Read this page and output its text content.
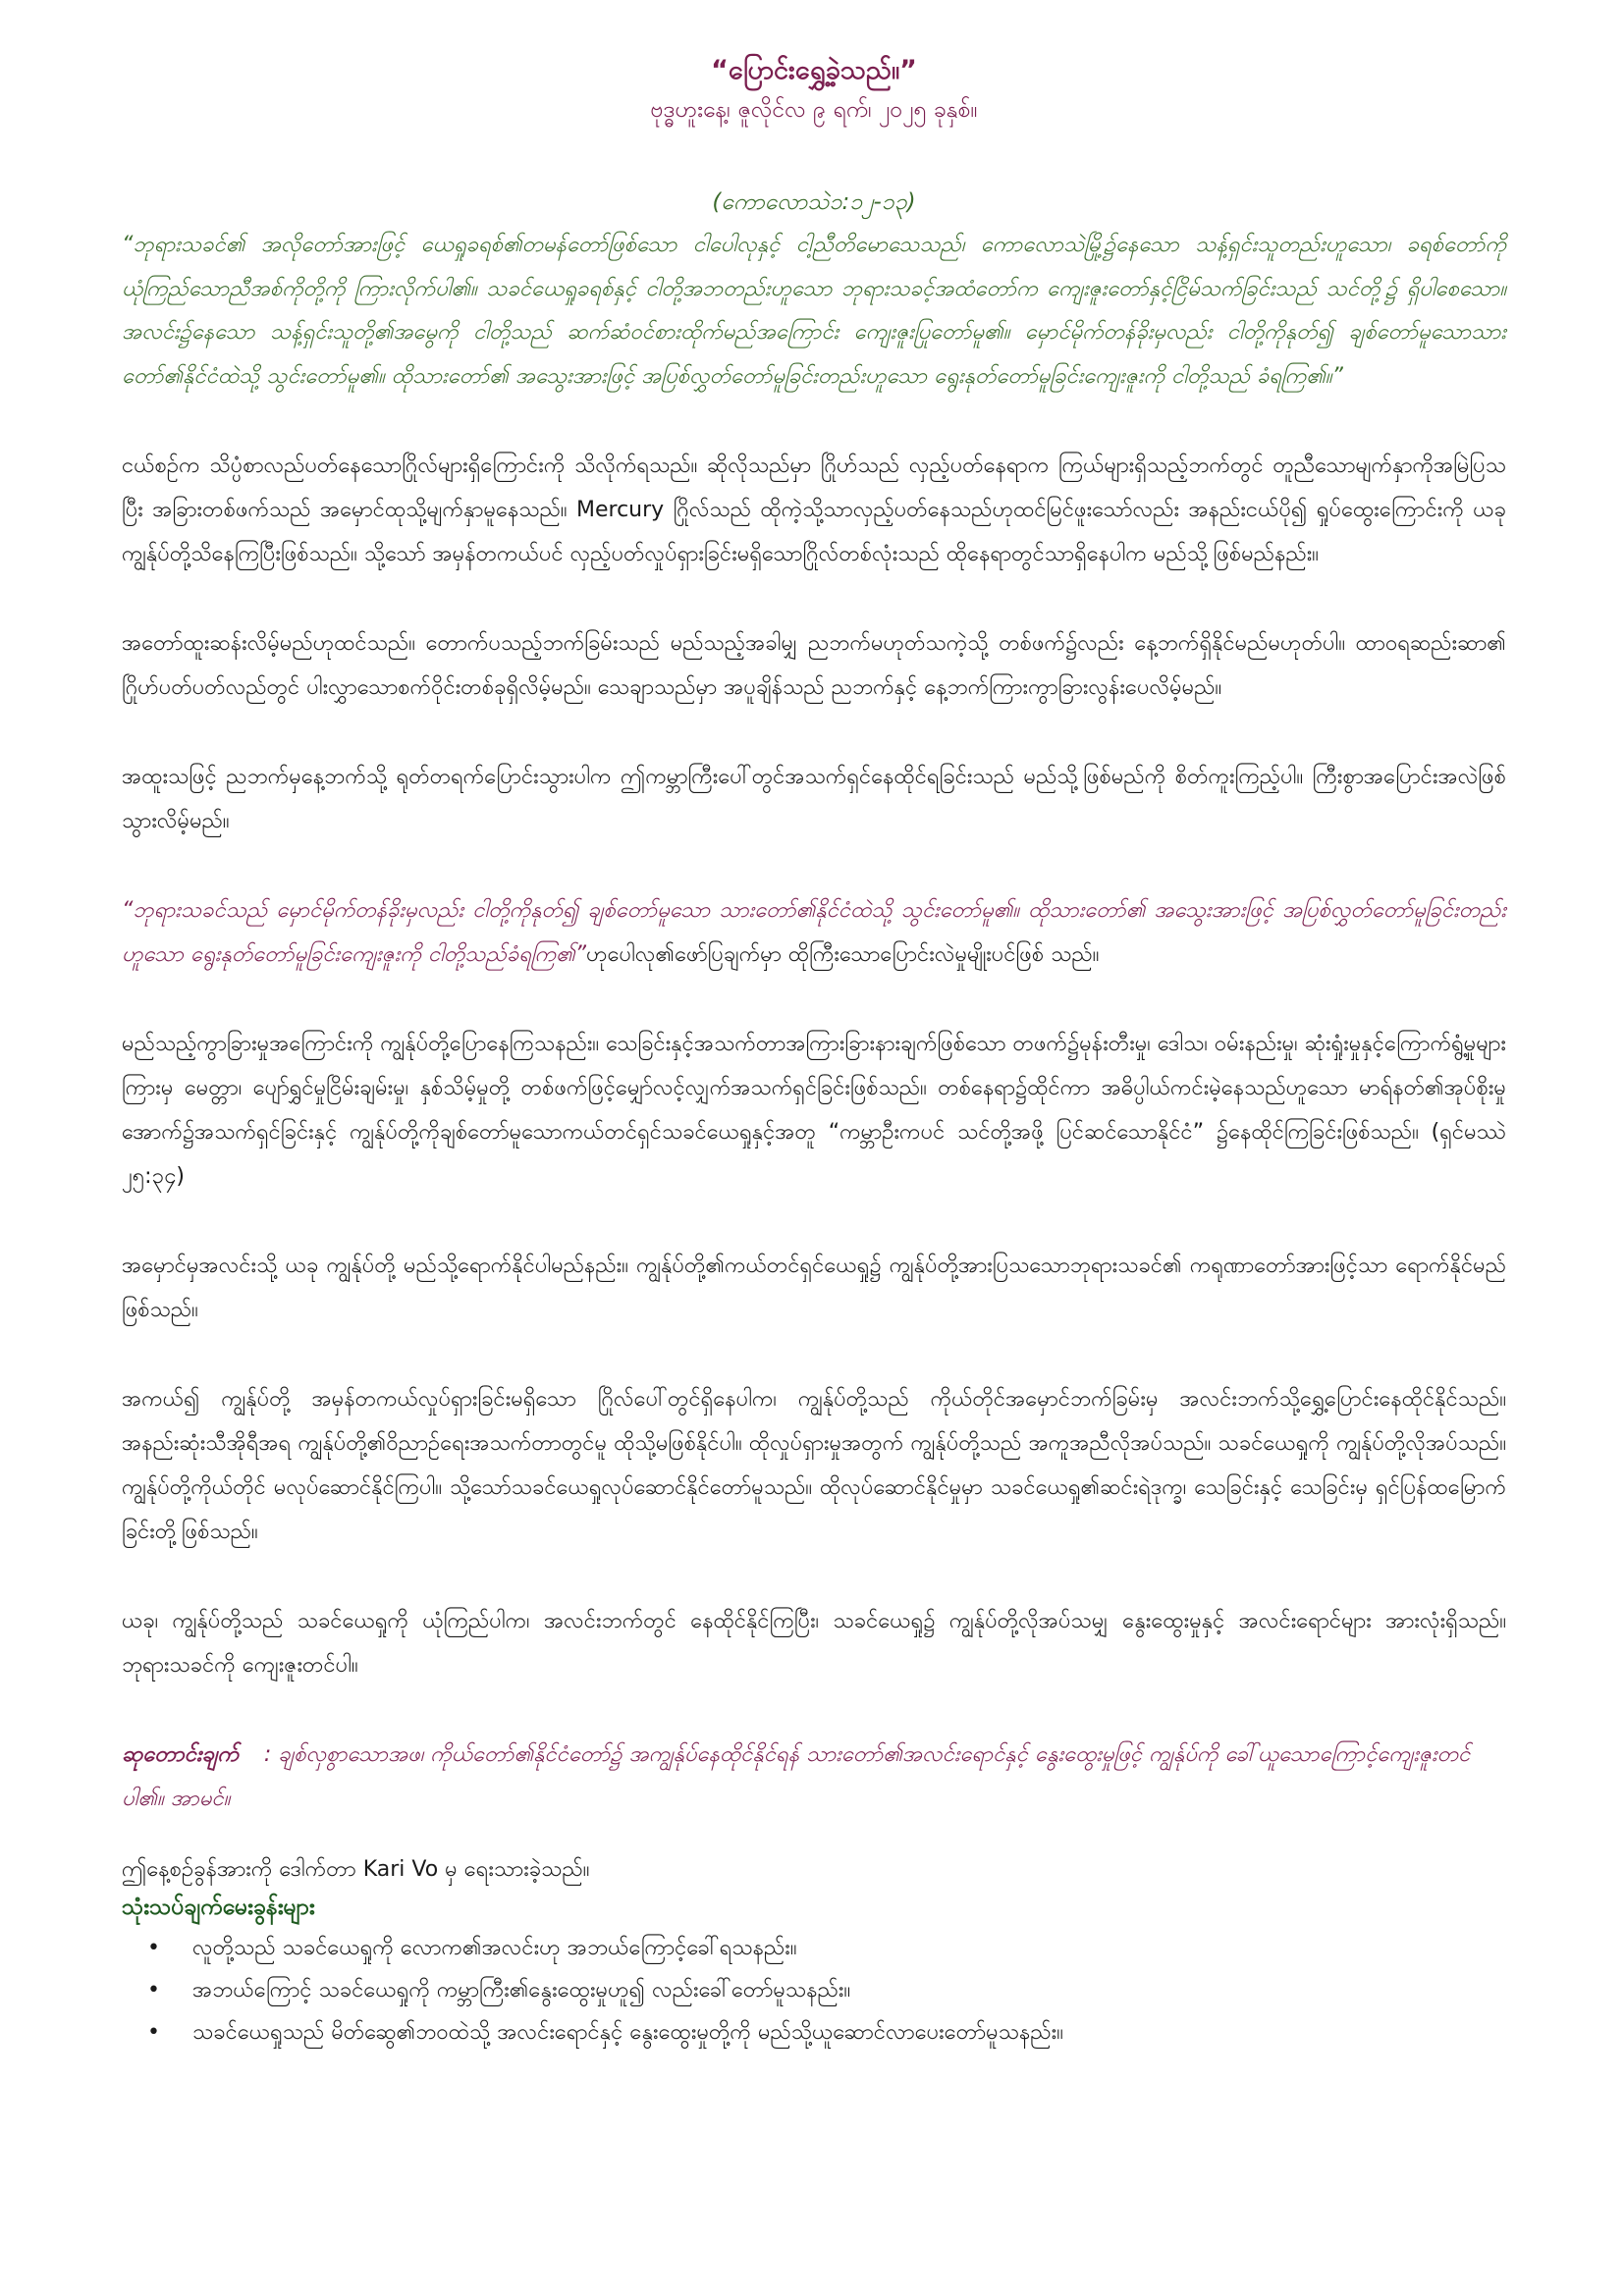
“ပြောင်းရွှေ့ခဲ့သည်။”
ဗုဒ္ဓဟူးနေ့၊ ဇူလိုင်လ ၉ ရက်၊ ၂၀၂၅ ခုနှစ်။
(ကောလောသဲ၁:၁၂-၁၃)
“ဘုရားသခင်၏ အလိုတော်အားဖြင့် ယေရှုခရစ်၏တမန်တော်ဖြစ်သော ငါပေါလုနှင့် ငါ့ညီတိမောသေသည်၊ ကောလောသဲမြို့၌နေသော သန့်ရှင်းသူတည်းဟူသော၊ ခရစ်တော်ကို ယုံကြည်သောညီအစ်ကိုတို့ကို ကြားလိုက်ပါ၏။ သခင်ယေရှုခရစ်နှင့် ငါတို့အဘတည်းဟူသော ဘုရားသခင့်အထံတော်က ကျေးဇူးတော်နှင့်ငြိမ်သက်ခြင်းသည် သင်တို့၌ ရှိပါစေသော။အလင်း၌နေသော သန့်ရှင်းသူတို့၏အမွေကို ငါတို့သည် ဆက်ဆံဝင်စားထိုက်မည်အကြောင်း ကျေးဇူးပြုတော်မူ၏။ မှောင်မိုက်တန်ခိုးမှလည်း ငါတို့ကိုနုတ်၍ ချစ်တော်မူသောသားတော်၏နိုင်ငံထဲသို့ သွင်းတော်မူ၏။ ထိုသားတော်၏ အသွေးအားဖြင့် အပြစ်လွှတ်တော်မူခြင်းတည်းဟူသော ရွေးနုတ်တော်မူခြင်းကျေးဇူးကို ငါတို့သည် ခံရကြ၏။”
ငယ်စဉ်က သိပ္ပံစာလည်ပတ်နေသောဂြိုလ်များရှိကြောင်းကို သိလိုက်ရသည်။ ဆိုလိုသည်မှာ ဂြိုဟ်သည် လှည့်ပတ်နေရာက ကြယ်များရှိသည့်ဘက်တွင် တူညီသောမျက်နှာကိုအမြဲပြသပြီး အခြားတစ်ဖက်သည် အမှောင်ထုသို့မျက်နှာမူနေသည်။ Mercury ဂြိုလ်သည် ထိုကဲ့သို့သာလှည့်ပတ်နေသည်ဟုထင်မြင်ဖူးသော်လည်း အနည်းငယ်ပို၍ ရှုပ်ထွေးကြောင်းကို ယခုကျွန်ုပ်တို့သိနေကြပြီးဖြစ်သည်။ သို့သော် အမှန်တကယ်ပင် လှည့်ပတ်လှုပ်ရှားခြင်းမရှိသောဂြိုလ်တစ်လုံးသည် ထိုနေရာတွင်သာရှိနေပါက မည်သို့ဖြစ်မည်နည်း။
အတော်ထူးဆန်းလိမ့်မည်ဟုထင်သည်။ တောက်ပသည့်ဘက်ခြမ်းသည် မည်သည့်အခါမျှ ညဘက်မဟုတ်သကဲ့သို့ တစ်ဖက်၌လည်း နေ့ဘက်ရှိနိုင်မည်မဟုတ်ပါ။ ထာဝရဆည်းဆာ၏ ဂြိုဟ်ပတ်ပတ်လည်တွင် ပါးလွှာသောစက်ဝိုင်းတစ်ခုရှိလိမ့်မည်။ သေချာသည်မှာ အပူချိန်သည် ညဘက်နှင့် နေ့ဘက်ကြားကွာခြားလွန်းပေလိမ့်မည်။
အထူးသဖြင့် ညဘက်မှနေ့ဘက်သို့ ရုတ်တရက်ပြောင်းသွားပါက ဤကမ္ဘာကြီးပေါ်တွင်အသက်ရှင်နေထိုင်ရခြင်းသည် မည်သို့ဖြစ်မည်ကို စိတ်ကူးကြည့်ပါ။ ကြီးစွာအပြောင်းအလဲဖြစ်သွားလိမ့်မည်။
“ဘုရားသခင်သည် မှောင်မိုက်တန်ခိုးမှလည်း ငါတို့ကိုနုတ်၍ ချစ်တော်မူသော သားတော်၏နိုင်ငံထဲသို့ သွင်းတော်မူ၏။ ထိုသားတော်၏ အသွေးအားဖြင့် အပြစ်လွှတ်တော်မူခြင်းတည်းဟူသော ရွေးနုတ်တော်မူခြင်းကျေးဇူးကို ငါတို့သည်ခံရကြ၏”ဟုပေါလု၏ဖော်ပြချက်မှာ ထိုကြီးသောပြောင်းလဲမှုမျိုးပင်ဖြစ် သည်။
မည်သည့်ကွာခြားမှုအကြောင်းကို ကျွန်ုပ်တို့ပြောနေကြသနည်း။ သေခြင်းနှင့်အသက်တာအကြားခြားနားချက်ဖြစ်သော တဖက်၌မုန်းတီးမှု၊ ဒေါသ၊ ဝမ်းနည်းမှု၊ ဆုံးရှုံးမှုနှင့်ကြောက်ရွံ့မှုများကြားမှ မေတ္တာ၊ ပျော်ရွှင်မှုငြိမ်းချမ်းမှု၊ နှစ်သိမ့်မှုတို့ တစ်ဖက်ဖြင့်မျှော်လင့်လျှက်အသက်ရှင်ခြင်းဖြစ်သည်။ တစ်နေရာ၌ထိုင်ကာ အဓိပ္ပါယ်ကင်းမဲ့နေသည်ဟူသော မာရ်နတ်၏အုပ်စိုးမှု အောက်၌အသက်ရှင်ခြင်းနှင့် ကျွန်ုပ်တို့ကိုချစ်တော်မူသောကယ်တင်ရှင်သခင်ယေရှုနှင့်အတူ “ကမ္ဘာဦးကပင် သင်တို့အဖို့ ပြင်ဆင်သောနိုင်ငံ” ၌နေထိုင်ကြခြင်းဖြစ်သည်။ (ရှင်မဿဲ ၂၅:၃၄)
အမှောင်မှအလင်းသို့ ယခု ကျွန်ုပ်တို့ မည်သို့ရောက်နိုင်ပါမည်နည်း။ ကျွန်ုပ်တို့၏ကယ်တင်ရှင်ယေရှု၌ ကျွန်ုပ်တို့အားပြသသောဘုရားသခင်၏ ကရုဏာတော်အားဖြင့်သာ ရောက်နိုင်မည်ဖြစ်သည်။
အကယ်၍ ကျွန်ုပ်တို့ အမှန်တကယ်လှုပ်ရှားခြင်းမရှိသော ဂြိုလ်ပေါ်တွင်ရှိနေပါက၊ ကျွန်ုပ်တို့သည် ကိုယ်တိုင်အမှောင်ဘက်ခြမ်းမှ အလင်းဘက်သို့ရွှေ့ပြောင်းနေထိုင်နိုင်သည်။ အနည်းဆုံးသီအိုရီအရ ကျွန်ုပ်တို့၏ဝိညာဉ်ရေးအသက်တာတွင်မူ ထိုသို့မဖြစ်နိုင်ပါ။ ထိုလှုပ်ရှားမှုအတွက် ကျွန်ုပ်တို့သည် အကူအညီလိုအပ်သည်။ သခင်ယေရှုကို ကျွန်ုပ်တို့လိုအပ်သည်။ ကျွန်ုပ်တို့ကိုယ်တိုင် မလုပ်ဆောင်နိုင်ကြပါ။ သို့သော်သခင်ယေရှုလုပ်ဆောင်နိုင်တော်မူသည်။ ထိုလုပ်ဆောင်နိုင်မှုမှာ သခင်ယေရှု၏ဆင်းရဲဒုက္ခ၊ သေခြင်းနှင့် သေခြင်းမှ ရှင်ပြန်ထမြောက်ခြင်းတို့ဖြစ်သည်။
ယခု၊ ကျွန်ုပ်တို့သည် သခင်ယေရှုကို ယုံကြည်ပါက၊ အလင်းဘက်တွင် နေထိုင်နိုင်ကြပြီး၊ သခင်ယေရှု၌ ကျွန်ုပ်တို့လိုအပ်သမျှ နွေးထွေးမှုနှင့် အလင်းရောင်များ အားလုံးရှိသည်။ ဘုရားသခင်ကို ကျေးဇူးတင်ပါ။
ဆုတောင်းချက် : ချစ်လှစွာသောအဖ၊ ကိုယ်တော်၏နိုင်ငံတော်၌ အကျွန်ုပ်နေထိုင်နိုင်ရန် သားတော်၏အလင်းရောင်နှင့် နွေးထွေးမှုဖြင့် ကျွန်ုပ်ကို ခေါ်ယူသောကြောင့်ကျေးဇူးတင်ပါ၏။ အာမင်။
ဤနေ့စဉ်ခွန်အားကို ဒေါက်တာ Kari Vo မှ ရေးသားခဲ့သည်။
သုံးသပ်ချက်မေးခွန်းများ
• လူတို့သည် သခင်ယေရှုကို လောက၏အလင်းဟု အဘယ်ကြောင့်ခေါ်ရသနည်း။
• အဘယ်ကြောင့် သခင်ယေရှုကို ကမ္ဘာကြီး၏နွေးထွေးမှုဟူ၍ လည်းခေါ်တော်မူသနည်း။
• သခင်ယေရှုသည် မိတ်ဆွေ၏ဘဝထဲသို့ အလင်းရောင်နှင့် နွေးထွေးမှုတို့ကို မည်သို့ယူဆောင်လာပေးတော်မူသနည်း။
